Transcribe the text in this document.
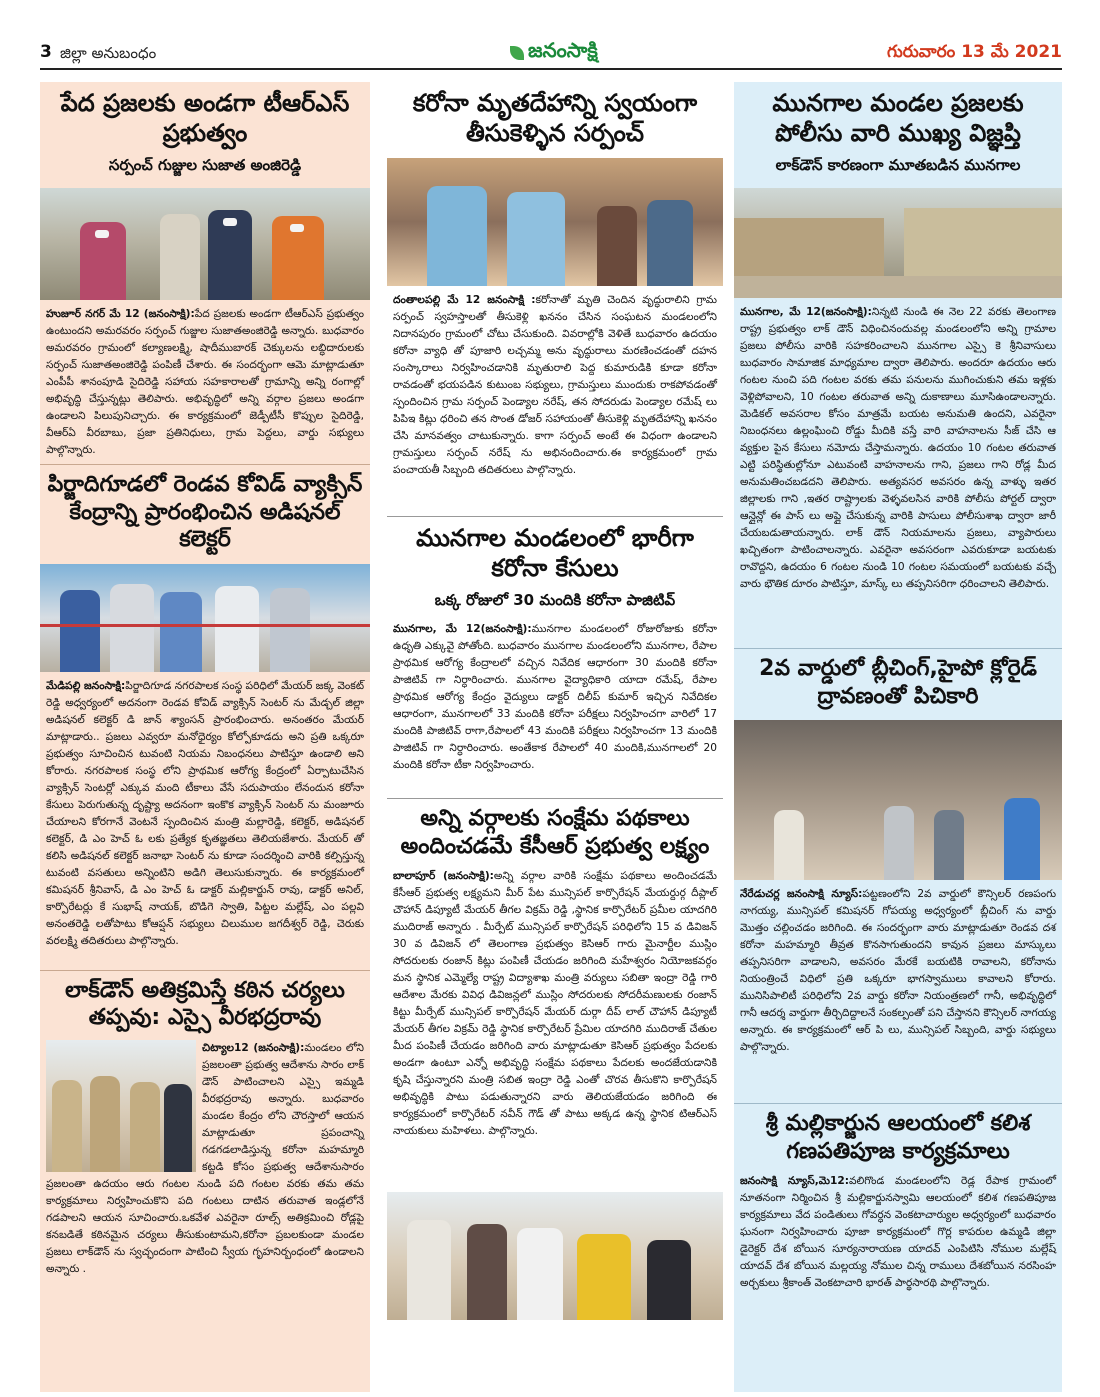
3 జిల్లా అనుబంధం	జనంసాక్షి	గురువారం 13 మే 2021
పేద ప్రజలకు అండగా టీఆర్ఎస్ ప్రభుత్వం
సర్పంచ్ గుజ్జుల సుజాత అంజిరెడ్డి
హుజూర్ నగర్ మే 12 (జనంసాక్షి):పేద ప్రజలకు అండగా టీఆర్ఎస్ ప్రభుత్వం ఉంటుందని అమరవరం సర్పంచ్ గుజ్జుల సుజాతఅంజిరెడ్డి అన్నారు. బుధవారం అమరవరం గ్రామంలో కల్యాణలక్ష్మి, షాదీముబారక్ చెక్కులను లబ్ధిదారులకు సర్పంచ్ సుజాతఅంజిరెడ్డి పంపిణీ చేశారు. ఈ సందర్భంగా ఆమె మాట్లాడుతూ ఎంపీపీ శానంపూడి సైదిరెడ్డి సహాయ సహకారాలతో గ్రామాన్ని అన్ని రంగాల్లో అభివృద్ధి చేస్తున్నట్లు తెలిపారు. అభివృద్ధిలో అన్ని వర్గాల ప్రజలు అండగా ఉండాలని పిలుపునిచ్చారు. ఈ కార్యక్రమంలో జెడ్పీటీసీ కొప్పుల సైదిరెడ్డి, వీఆర్ఏ వీరబాబు, ప్రజా ప్రతినిధులు, గ్రామ పెద్దలు, వార్డు సభ్యులు పాల్గొన్నారు.
పిర్జాదిగూడలో రెండవ కోవిడ్ వ్యాక్సిన్ కేంద్రాన్ని ప్రారంభించిన అడిషనల్ కలెక్టర్
మేడిపల్లి జనంసాక్షి:పిర్జాదిగూడ నగరపాలక సంస్థ పరిధిలో మేయర్ జక్క వెంకట్ రెడ్డి అధ్వర్యంలో అదనంగా రెండవ కోవిడ్ వ్యాక్సిన్ సెంటర్ ను మేడ్చల్ జిల్లా అడిషనల్ కలెక్టర్ డి జాన్ శ్యాంసన్ ప్రారంభించారు. అనంతరం మేయర్ మాట్లాడారు.. ప్రజలు ఎవ్వరూ మనోధైర్యం కోల్పోకూడదు అని ప్రతి ఒక్కరూ ప్రభుత్వం సూచించిన టువంటి నియమ నిబంధనలు పాటిస్తూ ఉండాలి అని కోరారు. నగరపాలక సంస్థ లోని ప్రాథమిక ఆరోగ్య కేంద్రంలో ఏర్పాటుచేసిన వ్యాక్సిన్ సెంటర్లో ఎక్కువ మంది టీకాలు వేసే సదుపాయం లేనందున కరోనా కేసులు పెరుగుతున్న దృష్ట్యా అదనంగా ఇంకొక వ్యాక్సిన్ సెంటర్ ను మంజూరు చేయాలని కోరగానే వెంటనే స్పందించిన మంత్రి మల్లారెడ్డి, కలెక్టర్, అడిషనల్ కలెక్టర్, డి ఎం హెచ్ ఓ లకు ప్రత్యేక కృతజ్ఞతలు తెలియజేశారు. మేయర్ తో కలిసి అడిషనల్ కలెక్టర్ జనాభా సెంటర్ ను కూడా సందర్శించి వారికి కల్పిస్తున్న టువంటి వసతులు అన్నింటిని అడిగి తెలుసుకున్నారు. ఈ కార్యక్రమంలో కమిషనర్ శ్రీనివాస్, డి ఎం హెచ్ ఓ డాక్టర్ మల్లికార్జున్ రావు, డాక్టర్ అనిల్, కార్పొరేటర్లు కే సుభాష్ నాయక్, బొడిగె స్వాతి, పిట్టల మల్లేష్, ఎం పల్లవి అనంతరెడ్డి లతోపాటు కోఆప్షన్ సభ్యులు చిలుముల జగదీశ్వర్ రెడ్డి, చెరుకు వరలక్ష్మి తదితరులు పాల్గొన్నారు.
లాక్‌డౌన్ అతిక్రమిస్తే కఠిన చర్యలు తప్పవు: ఎస్సై వీరభద్రరావు
చిట్యాల12 (జనంసాక్షి):మండలం లోని ప్రజలంతా ప్రభుత్వ ఆదేశాను సారం లాక్ డౌన్ పాటించాలని ఎస్సై ఇమ్మడి వీరభద్రరావు అన్నారు. బుధవారం మండల కేంద్రం లోని చౌరస్తాలో ఆయన మాట్లాడుతూ ప్రపంచాన్ని గడగడలాడిస్తున్న కరోనా మహమ్మారి కట్టడి కోసం ప్రభుత్వ ఆదేశానుసారం ప్రజలంతా ఉదయం ఆరు గంటల నుండి పది గంటల వరకు తమ తమ కార్యక్రమాలు నిర్వహించుకొని పది గంటలు దాటిన తరువాత ఇండ్లలోనే గడపాలని ఆయన సూచించారు.ఒకవేళ ఎవరైనా రూల్స్ అతిక్రమించి రోడ్లపై కనబడితే కఠినమైన చర్యలు తీసుకుంటామని,కరోనా ప్రబలకుండా మండల ప్రజలు లాక్‌డౌన్ ను స్వచ్ఛందంగా పాటించి స్వీయ గృహనిర్బంధంలో ఉండాలని అన్నారు .
కరోనా మృతదేహాన్ని స్వయంగా తీసుకెళ్ళిన సర్పంచ్
దంతాలపల్లి మే 12 జనంసాక్షి :కరోనాతో మృతి చెందిన వృద్ధురాలిని గ్రామ సర్పంచ్ స్వహస్తాలతో తీసుకెళ్లి ఖననం చేసిన సంఘటన మండలంలోని నిదానపురం గ్రామంలో చోటు చేసుకుంది. వివరాల్లోకి వెళితే బుధవారం ఉదయం కరోనా వ్యాధి తో పూజారి లచ్చమ్మ అను వృద్ధురాలు మరణించడంతో దహన సంస్కారాలు నిర్వహించడానికి మృతురాలి పెద్ద కుమారుడికి కూడా కరోనా రావడంతో భయపడిన కుటుంబ సభ్యులు, గ్రామస్తులు ముందుకు రాకపోవడంతో స్పందించిన గ్రామ సర్పంచ్ పెండ్యాల నరేష్, తన సోదరుడు పెండ్యాల రమేష్ లు పిపిఇ కిట్లు ధరించి తన సొంత డోజర్ సహాయంతో తీసుకెళ్లి మృతదేహాన్ని ఖననం చేసి మానవత్వం చాటుకున్నారు. కాగా సర్పంచ్ అంటే ఈ విధంగా ఉండాలని గ్రామస్తులు సర్పంచ్ నరేష్ ను అభినందించారు.ఈ కార్యక్రమంలో గ్రామ పంచాయతీ సిబ్బంది తదితరులు పాల్గొన్నారు.
మునగాల మండలంలో భారీగా కరోనా కేసులు
ఒక్క రోజులో 30 మందికి కరోనా పాజిటివ్
మునగాల, మే 12(జనంసాక్షి):మునగాల మండలంలో రోజురోజుకు కరోనా ఉధృతి ఎక్కువై పోతోంది. బుధవారం మునగాల మండలంలోని మునగాల, రేపాల ప్రాథమిక ఆరోగ్య కేంద్రాలలో వచ్చిన నివేదిక ఆధారంగా 30 మందికి కరోనా పాజిటివ్ గా నిర్ధారించారు. మునగాల వైద్యాధికారి యాదా రమేష్, రేపాల ప్రాథమిక ఆరోగ్య కేంద్రం వైద్యులు డాక్టర్ దిలీప్ కుమార్ ఇచ్చిన నివేదికల ఆధారంగా, మునగాలలో 33 మందికి కరోనా పరీక్షలు నిర్వహించగా వారిలో 17 మందికి పాజిటివ్ రాగా,రేపాలలో 43 మందికి పరీక్షలు నిర్వహించగా 13 మందికి పాజిటివ్ గా నిర్ధారించారు. అంతేకాక రేపాలలో 40 మందికి,మునగాలలో 20 మందికి కరోనా టీకా నిర్వహించారు.
అన్ని వర్గాలకు సంక్షేమ పథకాలు అందించడమే కేసీఆర్ ప్రభుత్వ లక్ష్యం
బాలాపూర్ (జనంసాక్షి):అన్ని వర్గాల వారికి సంక్షేమ పథకాలు అందించడమే కేసీఆర్ ప్రభుత్వ లక్ష్యమని మీర్ పేట మున్సిపల్ కార్పొరేషన్ మేయర్దుర్గ దీప్లాల్ చౌహాన్ డిప్యూటీ మేయర్ తీగల విక్రమ్ రెడ్డి ,స్థానిక కార్పొరేటర్ ప్రమీల యాదగిరి ముదిరాజ్ అన్నారు . మీర్పేట్ మున్సిపల్ కార్పొరేషన్ పరిధిలోని 15 వ డివిజన్ 30 వ డివిజన్ లో తెలంగాణ ప్రభుత్వం కెసిఆర్ గారు మైనార్టీల ముస్లిం సోదరులకు రంజాన్ కిట్లు పంపిణీ చేయడం జరిగింది మహేశ్వరం నియోజకవర్గం మన స్థానిక ఎమ్మెల్యే రాష్ట్ర విద్యాశాఖ మంత్రి వర్యులు సబితా ఇంద్రా రెడ్డి గారి ఆదేశాల మేరకు వివిధ డివిజన్లలో ముస్లిం సోదరులకు సోదరీమణులకు రంజాన్ కిట్టు మీర్పేట్ మున్సిపల్ కార్పొరేషన్ మేయర్ దుర్గా దీప్ లాల్ చౌహాన్ డిప్యూటీ మేయర్ తీగల విక్రమ్ రెడ్డి స్థానిక కార్పొరేటర్ ప్రేమిల యాదగిరి ముదిరాజ్ చేతుల మీద పంపిణీ చేయడం జరిగింది వారు మాట్లాడుతూ కెసిఆర్ ప్రభుత్వం పేదలకు అండగా ఉంటూ ఎన్నో అభివృద్ధి సంక్షేమ పథకాలు పేదలకు అందజేయడానికి కృషి చేస్తున్నారని మంత్రి సబిత ఇంద్రా రెడ్డి ఎంతో చొరవ తీసుకొని కార్పొరేషన్ అభివృద్ధికి పాటు పడుతున్నారని వారు తెలియజేయడం జరిగింది ఈ కార్యక్రమంలో కార్పొరేటర్ నవీన్ గౌడ్ తో పాటు అక్కడ ఉన్న స్థానిక టిఆర్ఎస్ నాయకులు మహిళలు. పాల్గొన్నారు.
మునగాల మండల ప్రజలకు పోలీసు వారి ముఖ్య విజ్ఞప్తి
లాక్‌డౌన్ కారణంగా మూతబడిన మునగాల
మునగాల, మే 12(జనంసాక్షి):నిన్నటి నుండి ఈ నెల 22 వరకు తెలంగాణ రాష్ట్ర ప్రభుత్వం లాక్ డౌన్ విధించినందువల్ల మండలంలోని అన్ని గ్రామాల ప్రజలు పోలీసు వారికి సహకరించాలని మునగాల ఎస్సై కె శ్రీనివాసులు బుధవారం సామాజిక మాధ్యమాల ద్వారా తెలిపారు. అందరూ ఉదయం ఆరు గంటల నుంచి పది గంటల వరకు తమ పనులను ముగించుకుని తమ ఇళ్లకు వెళ్లిపోవాలని, 10 గంటల తరువాత అన్ని దుకాణాలు మూసిఉండాలన్నారు. మెడికల్ అవసరాల కోసం మాత్రమే బయట అనుమతి ఉందని, ఎవరైనా నిబంధనలు ఉల్లంఘించి రోడ్డు మీదికి వస్తే వారి వాహనాలను సీజ్ చేసి ఆ వ్యక్తుల పైన కేసులు నమోదు చేస్తామన్నారు. ఉదయం 10 గంటల తరువాత ఎట్టి పరిస్థితుల్లోనూ ఎటువంటి వాహనాలను గాని, ప్రజలు గాని రోడ్ల మీద అనుమతించబడదని తెలిపారు. అత్యవసర అవసరం ఉన్న వాళ్ళు ఇతర జిల్లాలకు గాని ,ఇతర రాష్ట్రాలకు వెళ్ళవలసిన వారికి పోలీసు పోర్టల్ ద్వారా ఆన్లైన్లో ఈ పాస్ లు అప్లై చేసుకున్న వారికి పాసులు పోలీసుశాఖ ద్వారా జారీ చేయబడుతాయన్నారు. లాక్ డౌన్ నియమాలను ప్రజలు, వ్యాపారులు ఖచ్చితంగా పాటించాలన్నారు. ఎవరైనా అవసరంగా ఎవరుకూడా బయటకు రావొద్దని, ఉదయం 6 గంటల నుండి 10 గంటల సమయంలో బయటకు వచ్చే వారు భౌతిక దూరం పాటిస్తూ, మాస్క్ లు తప్పనిసరిగా ధరించాలని తెలిపారు.
2వ వార్డులో బ్లీచింగ్,హైపో క్లోరైడ్ ద్రావణంతో పిచికారి
నేరేడుచర్ల జనంసాక్షి న్యూస్:పట్టణంలోని 2వ వార్డులో కౌన్సిలర్ రణపంగు నాగయ్య, మున్సిపల్ కమిషనర్ గోపయ్య అధ్వర్యంలో బ్లీచింగ్ ను వార్డు మొత్తం చల్లించడం జరిగింది. ఈ సందర్భంగా వారు మాట్లాడుతూ రెండవ దశ కరోనా మహమ్మారి తీవ్రత కొనసాగుతుందని కావున ప్రజలు మాస్కులు తప్పనిసరిగా వాడాలని, అవసరం మేరకే బయటికి రావాలని, కరోనాను నియంత్రించే విధిలో ప్రతి ఒక్కరూ భాగస్వాములు కావాలని కోరారు. మునిసిపాలిటీ పరిధిలోని 2వ వార్డు కరోనా నియంత్రణలో గానీ, అభివృద్ధిలో గానీ ఆదర్శ వార్డుగా తీర్చిదిద్దాలనే సంకల్పంతో పని చేస్తానని కౌన్సిలర్ నాగయ్య అన్నారు. ఈ కార్యక్రమంలో ఆర్ పి లు, మున్సిపల్ సిబ్బంది, వార్డు సభ్యులు పాల్గొన్నారు.
శ్రీ మల్లికార్జున ఆలయంలో కలిశ గణపతిపూజ కార్యక్రమాలు
జనంసాక్షి న్యూస్,మె12:వలిగొండ మండలంలోని రెడ్ల రేపాక గ్రామంలో నూతనంగా నిర్మించిన శ్రీ మల్లికార్జునస్వామి ఆలయంలో కలిశ గణపతిపూజ కార్యక్రమాలు వేద పండితులు గోవర్ధన వెంకటాచార్యుల అధ్వర్యంలో బుధవారం ఘనంగా నిర్వహించారు పూజా కార్యక్రమంలో గొర్ల కాపరుల ఉమ్మడి జిల్లా డైరెక్టర్ దేశ బోయిన సూర్యనారాయణ యాదవ్ ఎంపిటిసి నోముల మల్లేష్ యాదవ్ దేశ బోయిన మల్లయ్య నోముల చిన్న రాములు దేశబోయిన నరసింహ అర్చకులు శ్రీకాంత్ వెంకటాచారి భారత్ పార్థసారథి పాల్గొన్నారు.
